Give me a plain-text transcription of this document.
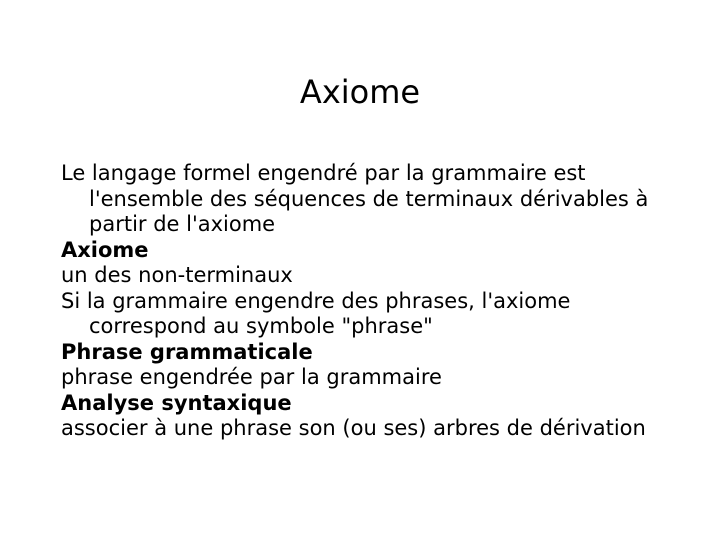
Axiome

Le langage formel engendré par la grammaire est l'ensemble des séquences de terminaux dérivables à partir de l'axiome

Axiome

un des non-terminaux

Si la grammaire engendre des phrases, l'axiome correspond au symbole "phrase"

Phrase grammaticale

phrase engendrée par la grammaire

Analyse syntaxique

associer à une phrase son (ou ses) arbres de dérivation
